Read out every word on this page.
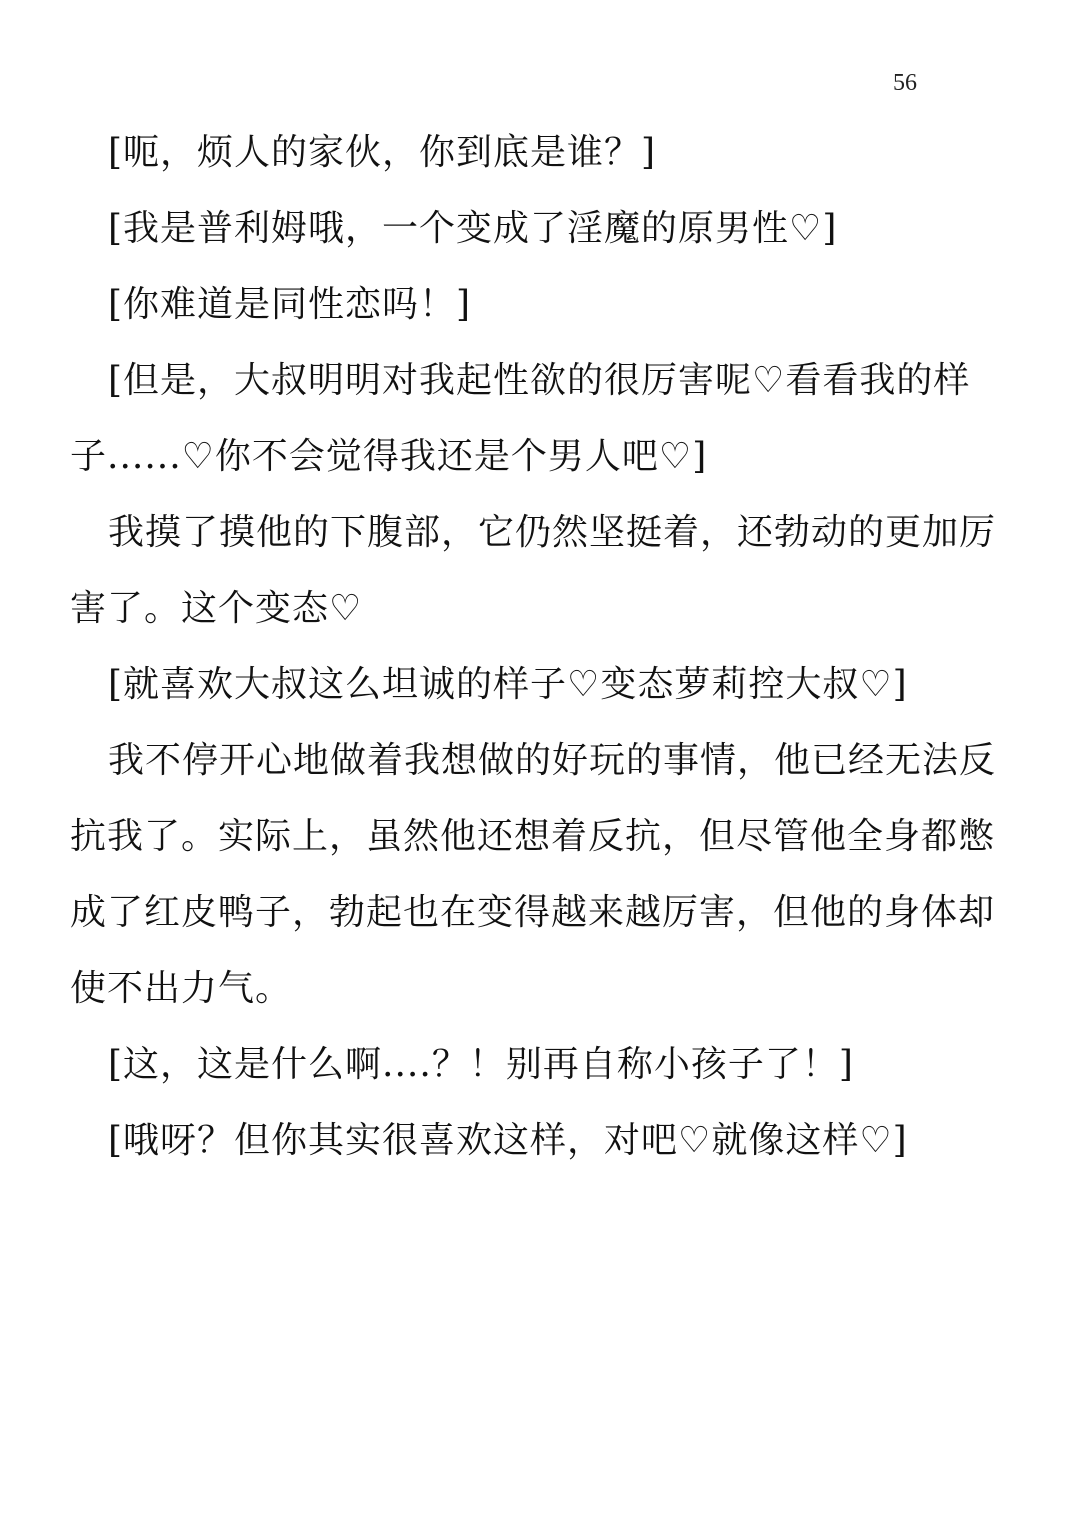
56

[呃，烦人的家伙，你到底是谁？]

[我是普利姆哦，一个变成了淫魔的原男性♡]

[你难道是同性恋吗！]

[但是，大叔明明对我起性欲的很厉害呢♡看看我的样子......♡你不会觉得我还是个男人吧♡]

我摸了摸他的下腹部，它仍然坚挺着，还勃动的更加厉害了。这个变态♡

[就喜欢大叔这么坦诚的样子♡变态萝莉控大叔♡]

我不停开心地做着我想做的好玩的事情，他已经无法反抗我了。实际上，虽然他还想着反抗，但尽管他全身都憋成了红皮鸭子，勃起也在变得越来越厉害，但他的身体却使不出力气。

[这，这是什么啊....？！别再自称小孩子了！]

[哦呀？但你其实很喜欢这样，对吧♡就像这样♡]
